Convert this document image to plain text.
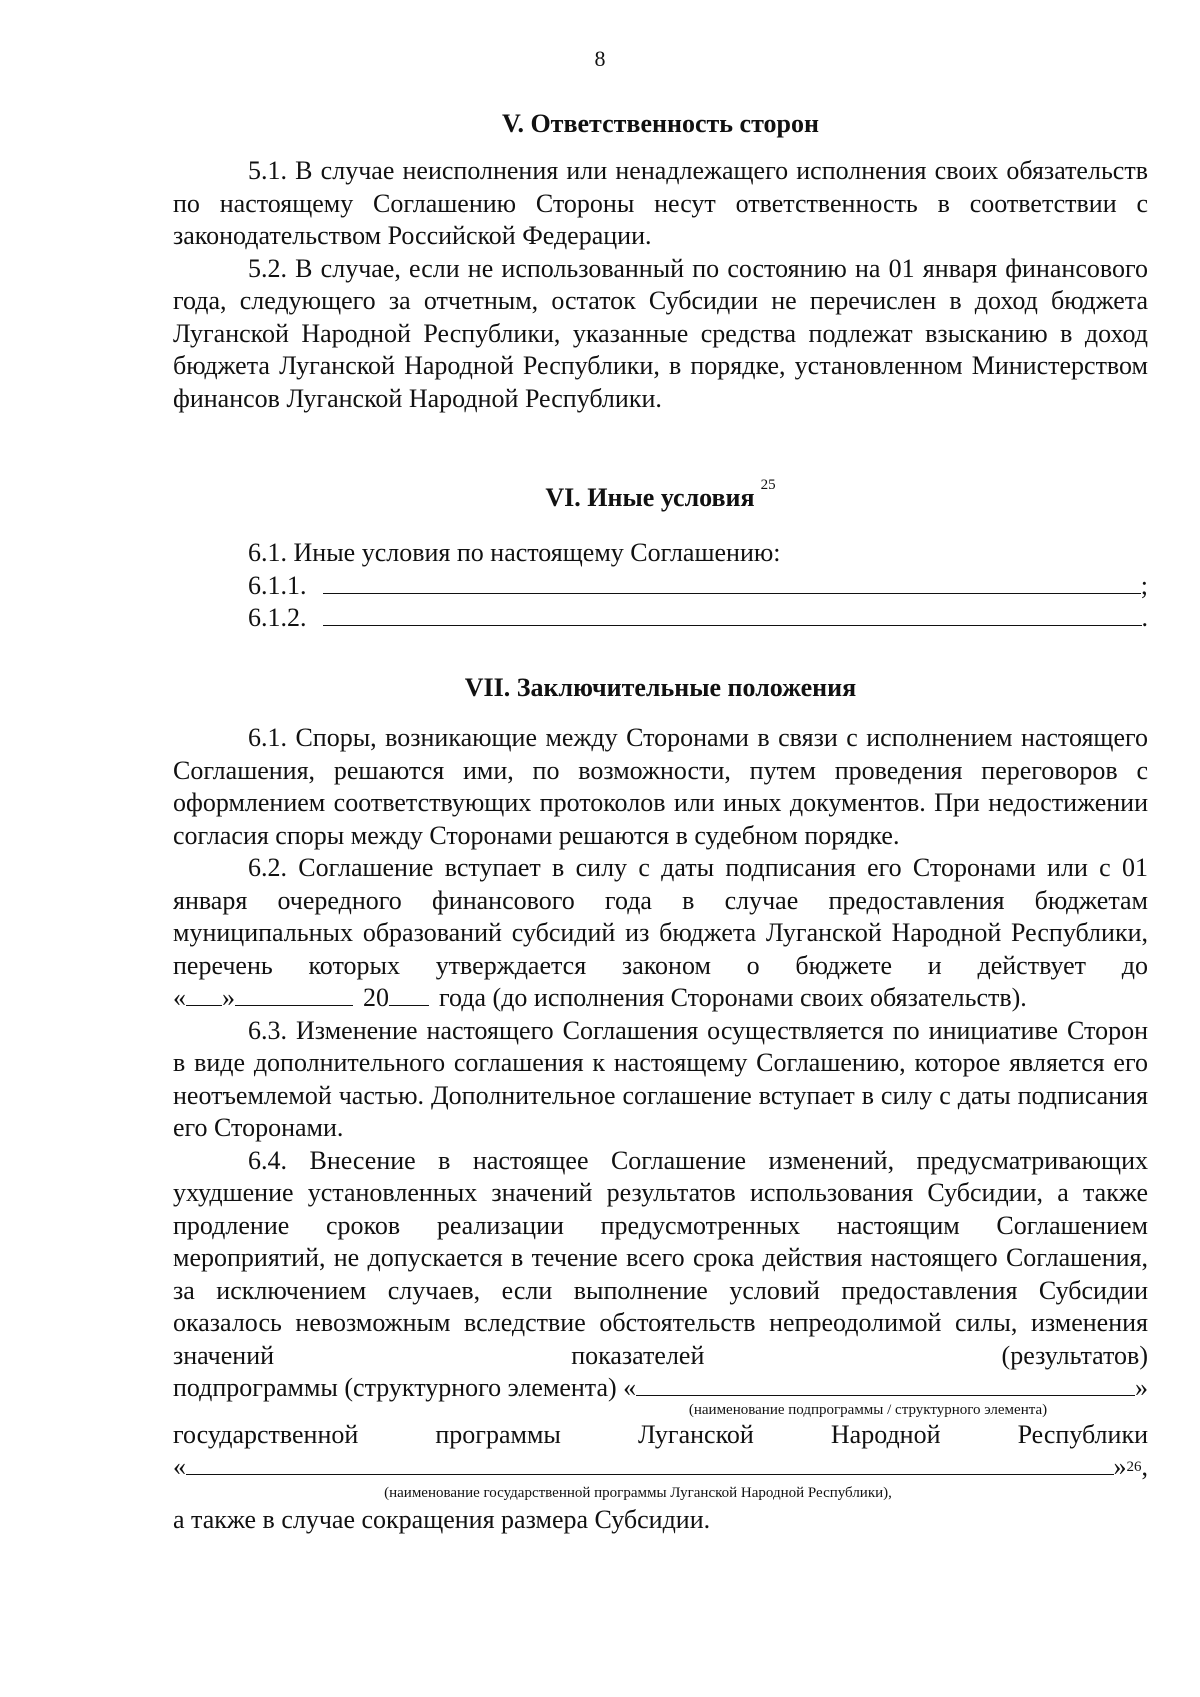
8
V. Ответственность сторон

5.1. В случае неисполнения или ненадлежащего исполнения своих обязательств по настоящему Соглашению Стороны несут ответственность в соответствии с законодательством Российской Федерации.

5.2. В случае, если не использованный по состоянию на 01 января финансового года, следующего за отчетным, остаток Субсидии не перечислен в доход бюджета Луганской Народной Республики, указанные средства подлежат взысканию в доход бюджета Луганской Народной Республики, в порядке, установленном Министерством финансов Луганской Народной Республики.

VI. Иные условия $^{25}$

6.1. Иные условия по настоящему Соглашению:

6.1.1.	;
6.1.2.	.
VII. Заключительные положения

6.1. Споры, возникающие между Сторонами в связи с исполнением настоящего Соглашения, решаются ими, по возможности, путем проведения переговоров с оформлением соответствующих протоколов или иных документов. При недостижении согласия споры между Сторонами решаются в судебном порядке.

6.2. Соглашение вступает в силу с даты подписания его Сторонами или с 01 января очередного финансового года в случае предоставления бюджетам муниципальных образований субсидий из бюджета Луганской Народной Республики, перечень которых утверждается законом о бюджете и действует до

« »	20 года (до исполнения Сторонами своих обязательств).

6.3. Изменение настоящего Соглашения осуществляется по инициативе Сторон в виде дополнительного соглашения к настоящему Соглашению, которое является его неотъемлемой частью. Дополнительное соглашение вступает в силу с даты подписания его Сторонами.

6.4. Внесение в настоящее Соглашение изменений, предусматривающих ухудшение установленных значений результатов использования Субсидии, а также продление сроков реализации предусмотренных настоящим Соглашением мероприятий, не допускается в течение всего срока действия настоящего Соглашения, за исключением случаев, если выполнение условий предоставления Субсидии оказалось невозможным вследствие обстоятельств непреодолимой силы, изменения значений показателей (результатов)

подпрограммы (структурного элемента) «	»
(наименование подпрограммы / структурного элемента)
государственной	программы	Луганской	Народной	Республики
«	»$^{26}$ ,
(наименование государственной программы Луганской Народной Республики),

а также в случае сокращения размера Субсидии.
